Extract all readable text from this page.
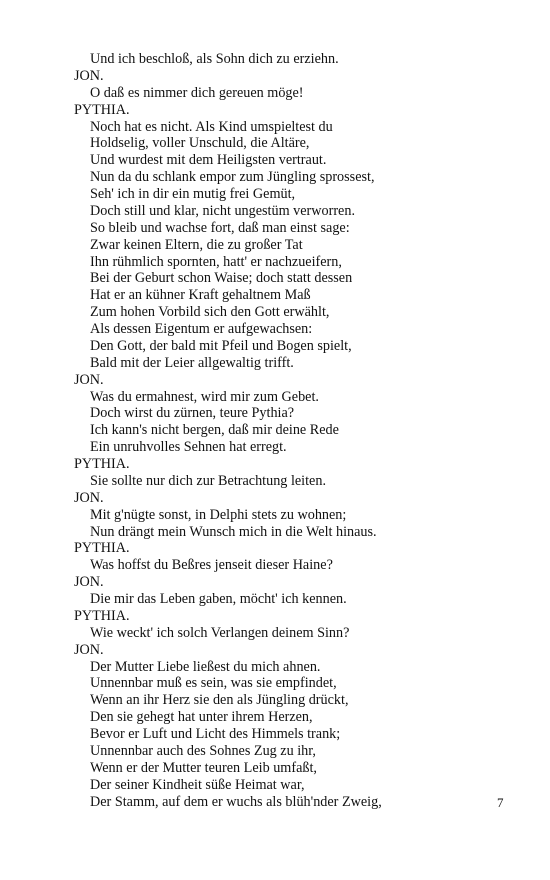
Und ich beschloß, als Sohn dich zu erziehn.
JON.
O daß es nimmer dich gereuen möge!
PYTHIA.
Noch hat es nicht. Als Kind umspieltest du
Holdselig, voller Unschuld, die Altäre,
Und wurdest mit dem Heiligsten vertraut.
Nun da du schlank empor zum Jüngling sprossest,
Seh' ich in dir ein mutig frei Gemüt,
Doch still und klar, nicht ungestüm verworren.
So bleib und wachse fort, daß man einst sage:
Zwar keinen Eltern, die zu großer Tat
Ihn rühmlich spornten, hatt' er nachzueifern,
Bei der Geburt schon Waise; doch statt dessen
Hat er an kühner Kraft gehaltnem Maß
Zum hohen Vorbild sich den Gott erwählt,
Als dessen Eigentum er aufgewachsen:
Den Gott, der bald mit Pfeil und Bogen spielt,
Bald mit der Leier allgewaltig trifft.
JON.
Was du ermahnest, wird mir zum Gebet.
Doch wirst du zürnen, teure Pythia?
Ich kann's nicht bergen, daß mir deine Rede
Ein unruhvolles Sehnen hat erregt.
PYTHIA.
Sie sollte nur dich zur Betrachtung leiten.
JON.
Mit g'nügte sonst, in Delphi stets zu wohnen;
Nun drängt mein Wunsch mich in die Welt hinaus.
PYTHIA.
Was hoffst du Beßres jenseit dieser Haine?
JON.
Die mir das Leben gaben, möcht' ich kennen.
PYTHIA.
Wie weckt' ich solch Verlangen deinem Sinn?
JON.
Der Mutter Liebe ließest du mich ahnen.
Unnennbar muß es sein, was sie empfindet,
Wenn an ihr Herz sie den als Jüngling drückt,
Den sie gehegt hat unter ihrem Herzen,
Bevor er Luft und Licht des Himmels trank;
Unnennbar auch des Sohnes Zug zu ihr,
Wenn er der Mutter teuren Leib umfaßt,
Der seiner Kindheit süße Heimat war,
Der Stamm, auf dem er wuchs als blüh'nder Zweig,	7
